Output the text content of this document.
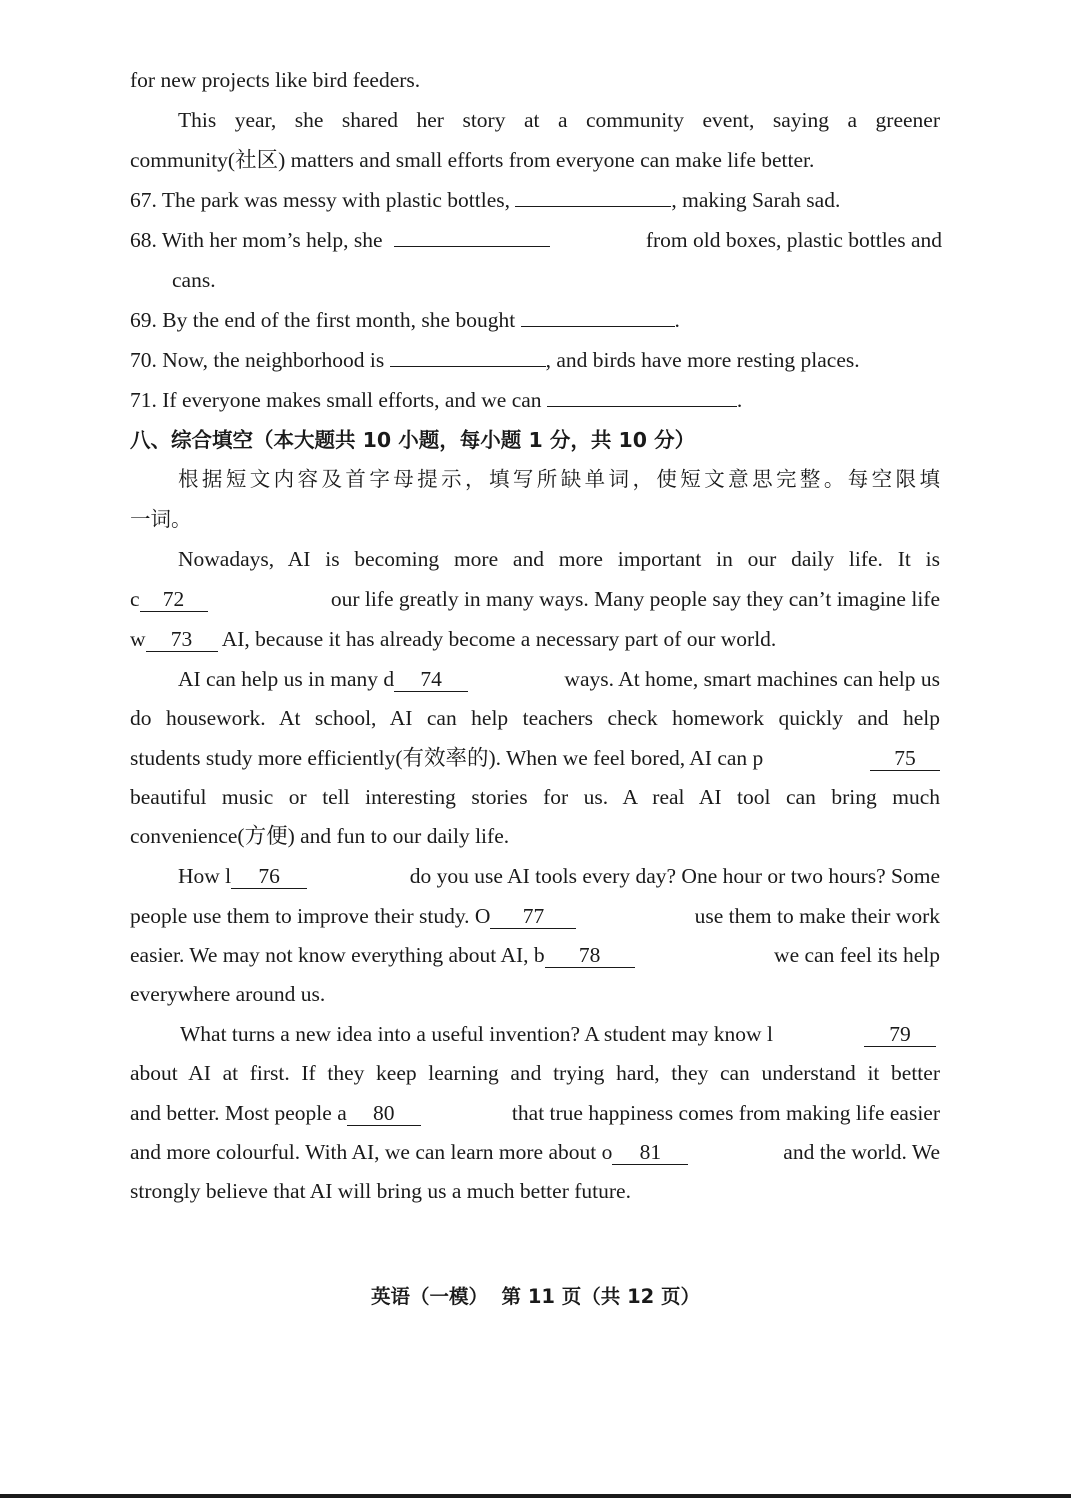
for new projects like bird feeders.
This year, she shared her story at a community event, saying a greener
community(社区) matters and small efforts from everyone can make life better.
67. The park was messy with plastic bottles,	, making Sarah sad.
68. With her mom’s help, she	from old boxes, plastic bottles and
cans.
69. By the end of the first month, she bought	.
70. Now, the neighborhood is	, and birds have more resting places.
71. If everyone makes small efforts, and we can	.
八、综合填空（本大题共 10 小题，每小题 1 分，共 10 分）
根据短文内容及首字母提示，填写所缺单词，使短文意思完整。每空限填
一词。
Nowadays, AI is becoming more and more important in our daily life. It is
c	72	our life greatly in many ways. Many people say they can’t imagine life
w 73 AI, because it has already become a necessary part of our world.
AI can help us in many d	74	ways. At home, smart machines can help us
do housework. At school, AI can help teachers check homework quickly and help
students study more efficiently(有效率的). When we feel bored, AI can p	75
beautiful music or tell interesting stories for us. A real AI tool can bring much
convenience(方便) and fun to our daily life.
How l	76	do you use AI tools every day? One hour or two hours? Some
people use them to improve their study. O	77	use them to make their work
easier. We may not know everything about AI, b	78	we can feel its help
everywhere around us.
What turns a new idea into a useful invention? A student may know l	79
about AI at first. If they keep learning and trying hard, they can understand it better
and better. Most people a	80	that true happiness comes from making life easier
and more colourful. With AI, we can learn more about o	81	and the world. We
strongly believe that AI will bring us a much better future.
英语（一模）  第 11 页（共 12 页）
